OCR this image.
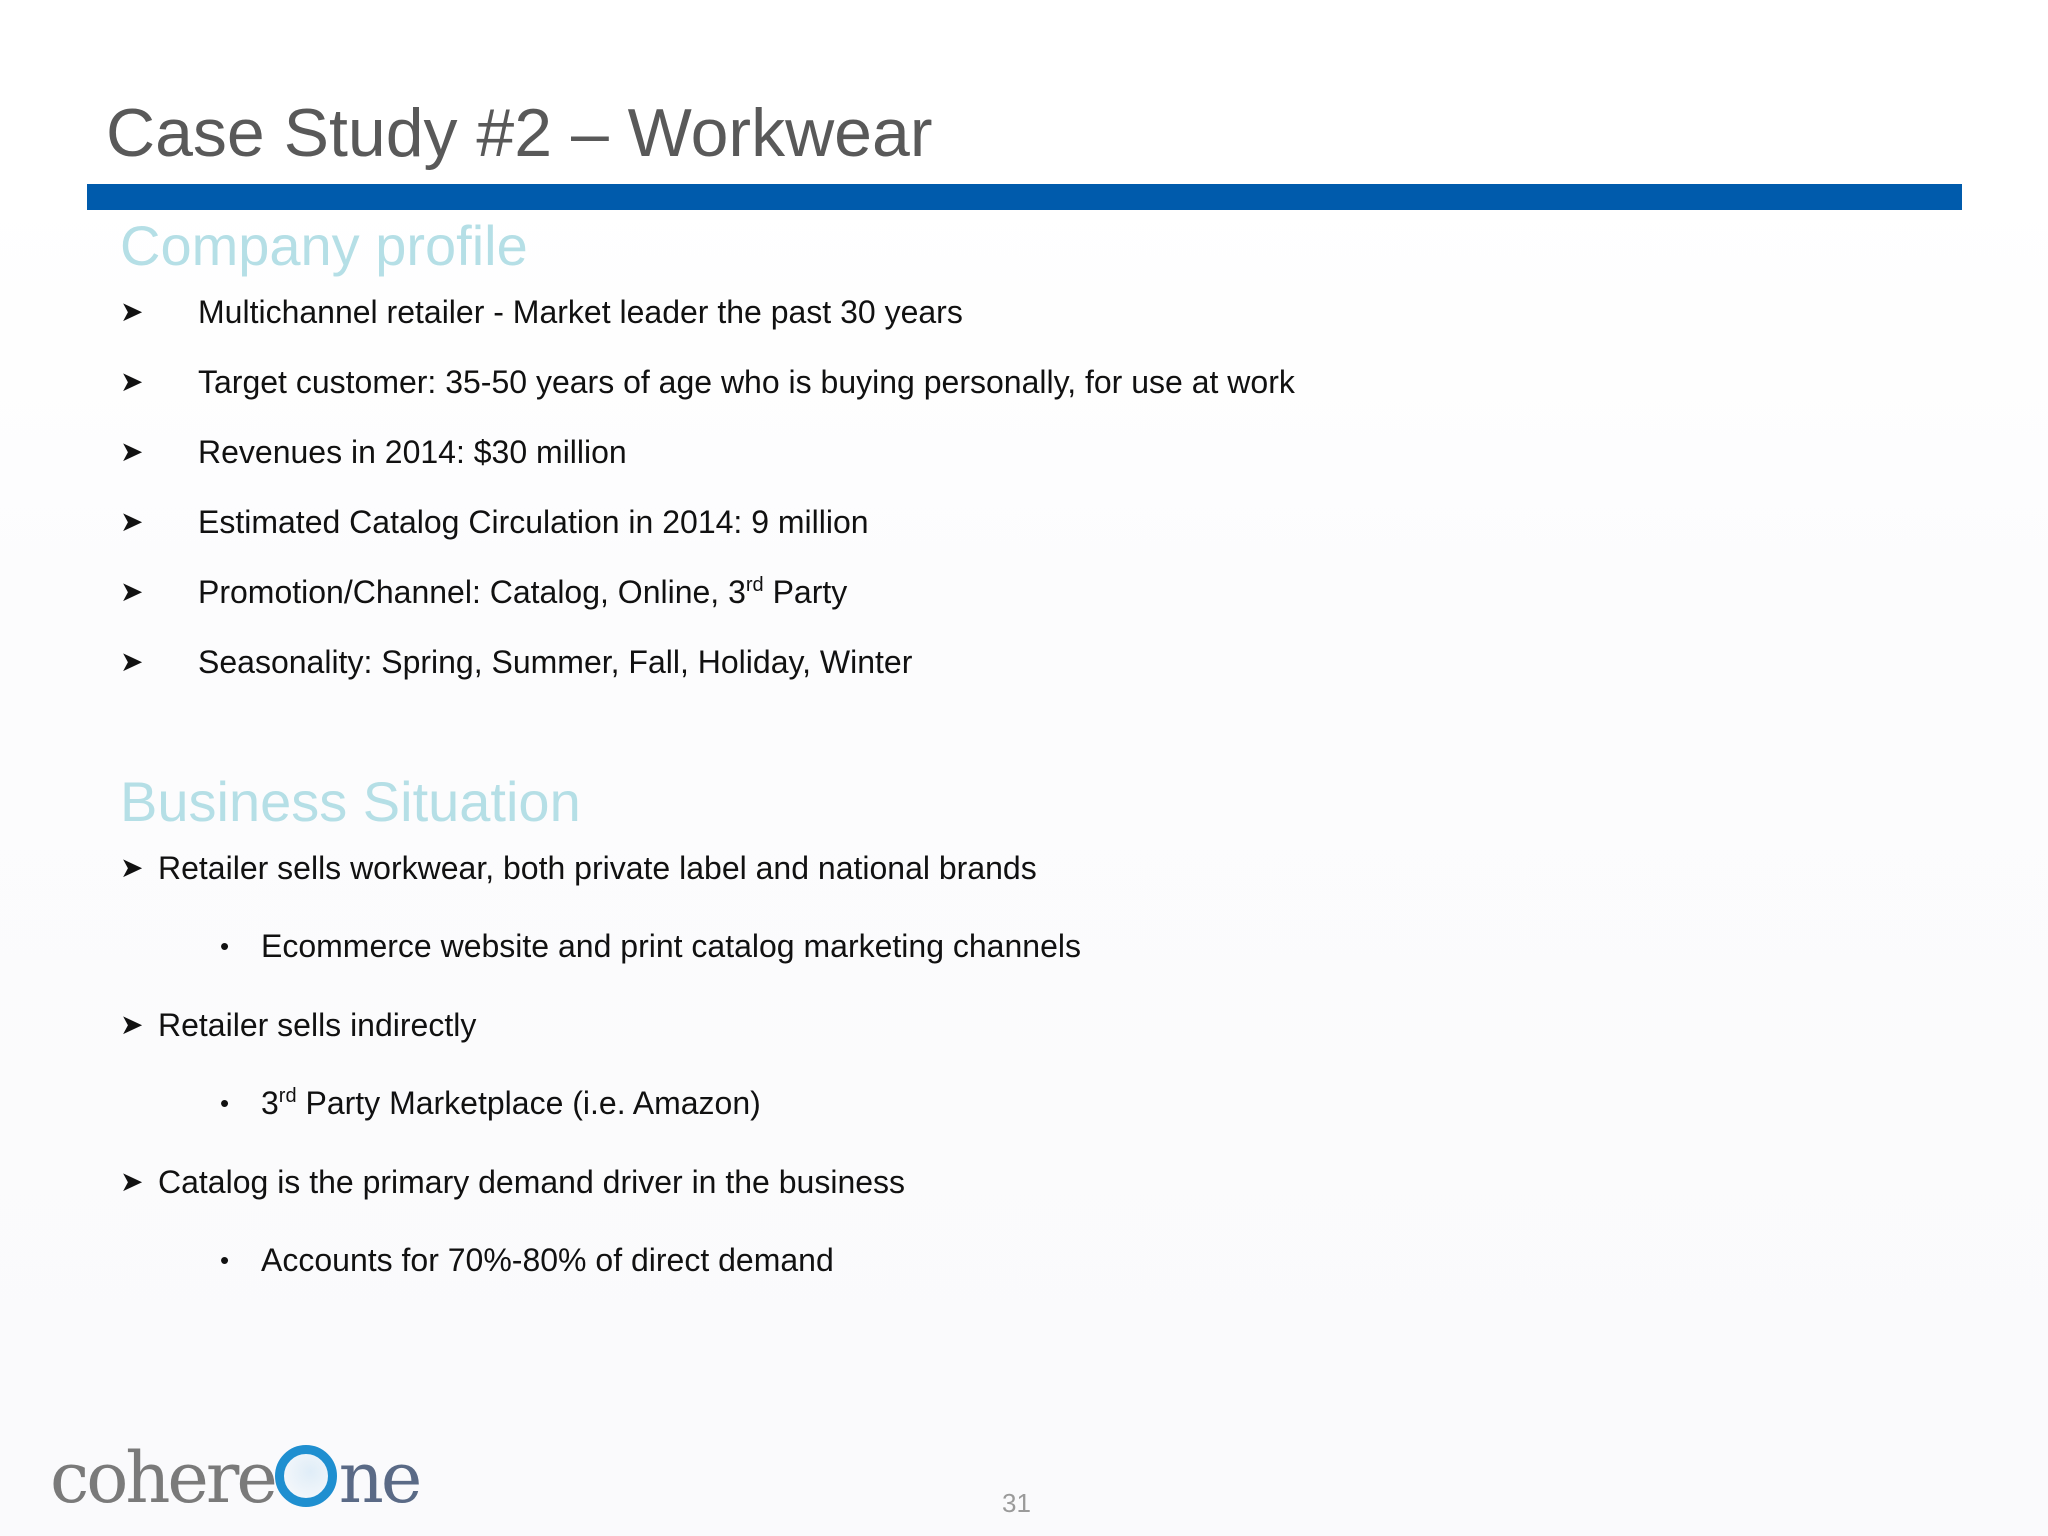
Case Study #2 – Workwear
Company profile
➤	Multichannel retailer - Market leader the past 30 years
➤	Target customer: 35-50 years of age who is buying personally, for use at work
➤	Revenues in 2014: $30 million
➤	Estimated Catalog Circulation in 2014: 9 million
➤	Promotion/Channel: Catalog, Online, 3rd Party
➤	Seasonality: Spring, Summer, Fall, Holiday, Winter
Business Situation
➤ Retailer sells workwear, both private label and national brands
• Ecommerce website and print catalog marketing channels
➤ Retailer sells indirectly
• 3rd Party Marketplace (i.e. Amazon)
➤ Catalog is the primary demand driver in the business
• Accounts for 70%-80% of direct demand
cohere ne	31
